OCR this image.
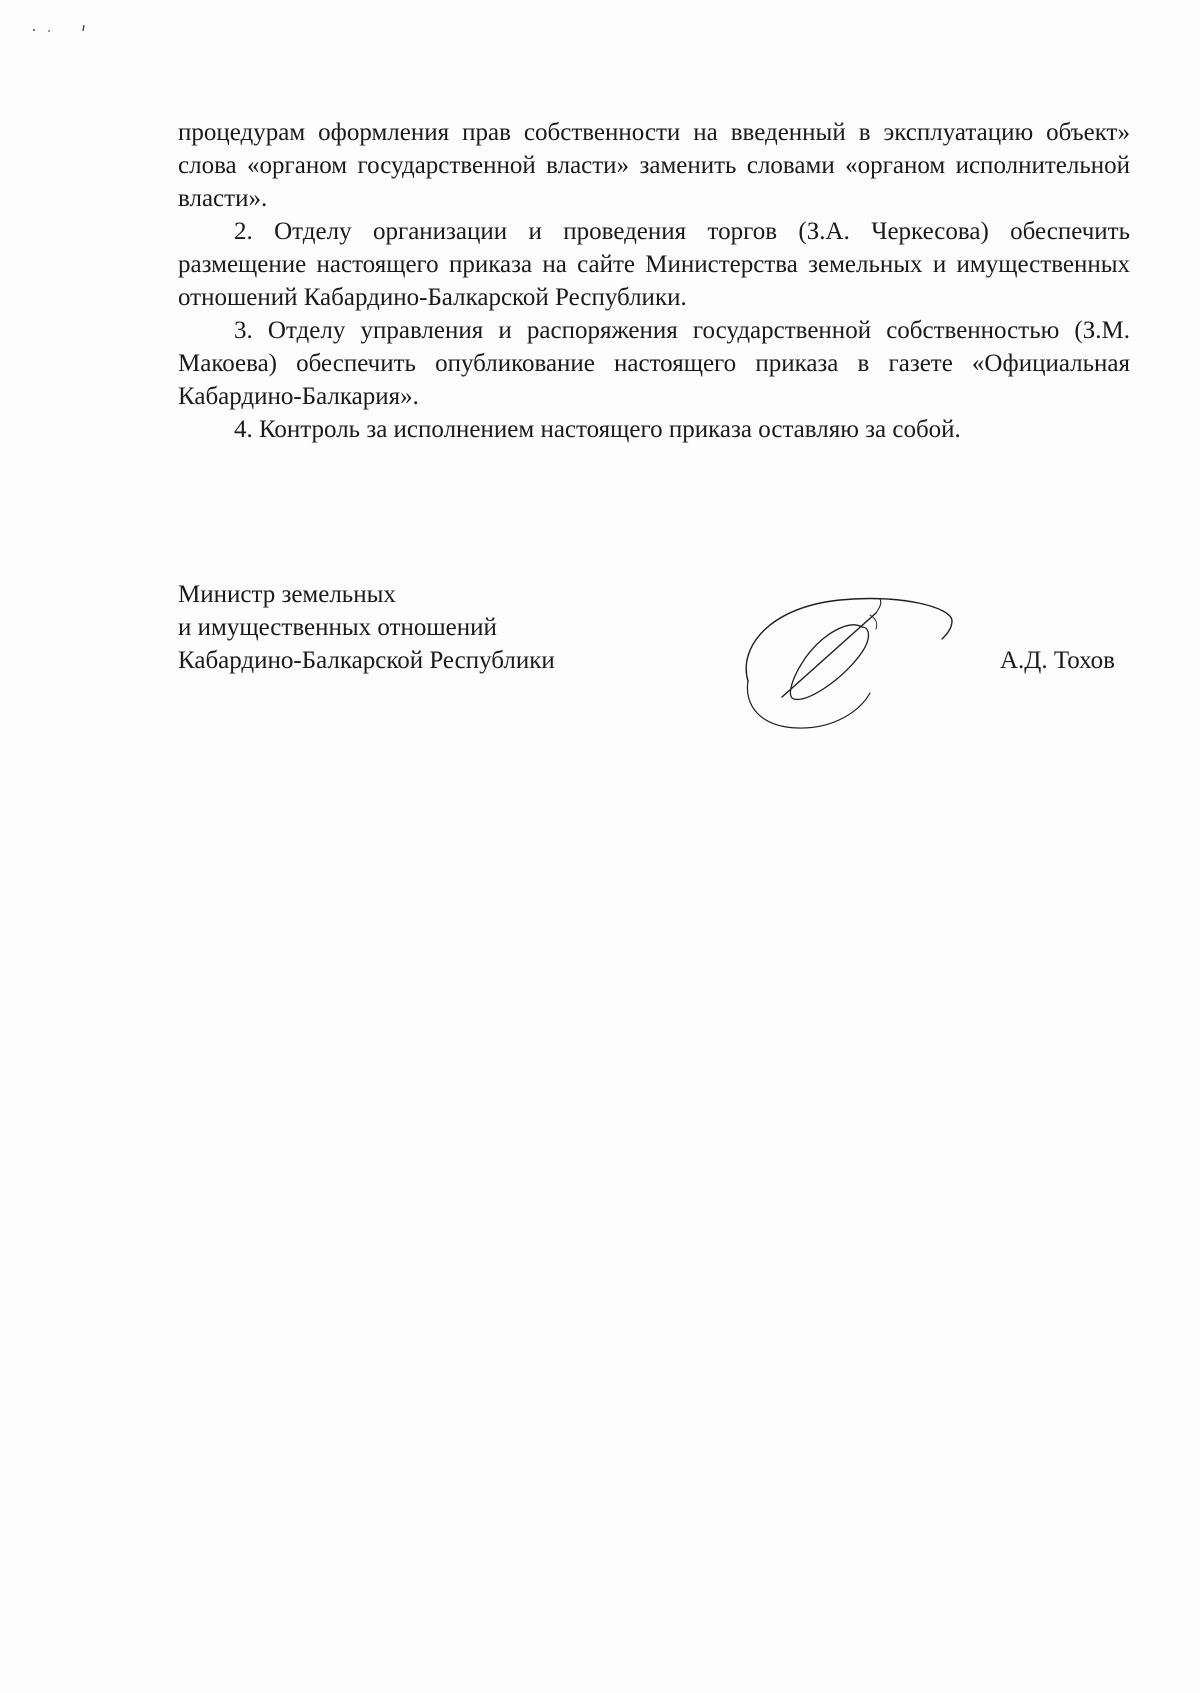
процедурам оформления прав собственности на введенный в эксплуатацию объект» слова «органом государственной власти» заменить словами «органом исполнительной власти».

2. Отделу организации и проведения торгов (З.А. Черкесова) обеспечить размещение настоящего приказа на сайте Министерства земельных и имущественных отношений Кабардино-Балкарской Республики.

3. Отделу управления и распоряжения государственной собственностью (З.М. Макоева) обеспечить опубликование настоящего приказа в газете «Официальная Кабардино-Балкария».

4. Контроль за исполнением настоящего приказа оставляю за собой.

Министр земельных
и имущественных отношений
Кабардино-Балкарской Республики	А.Д. Тохов
